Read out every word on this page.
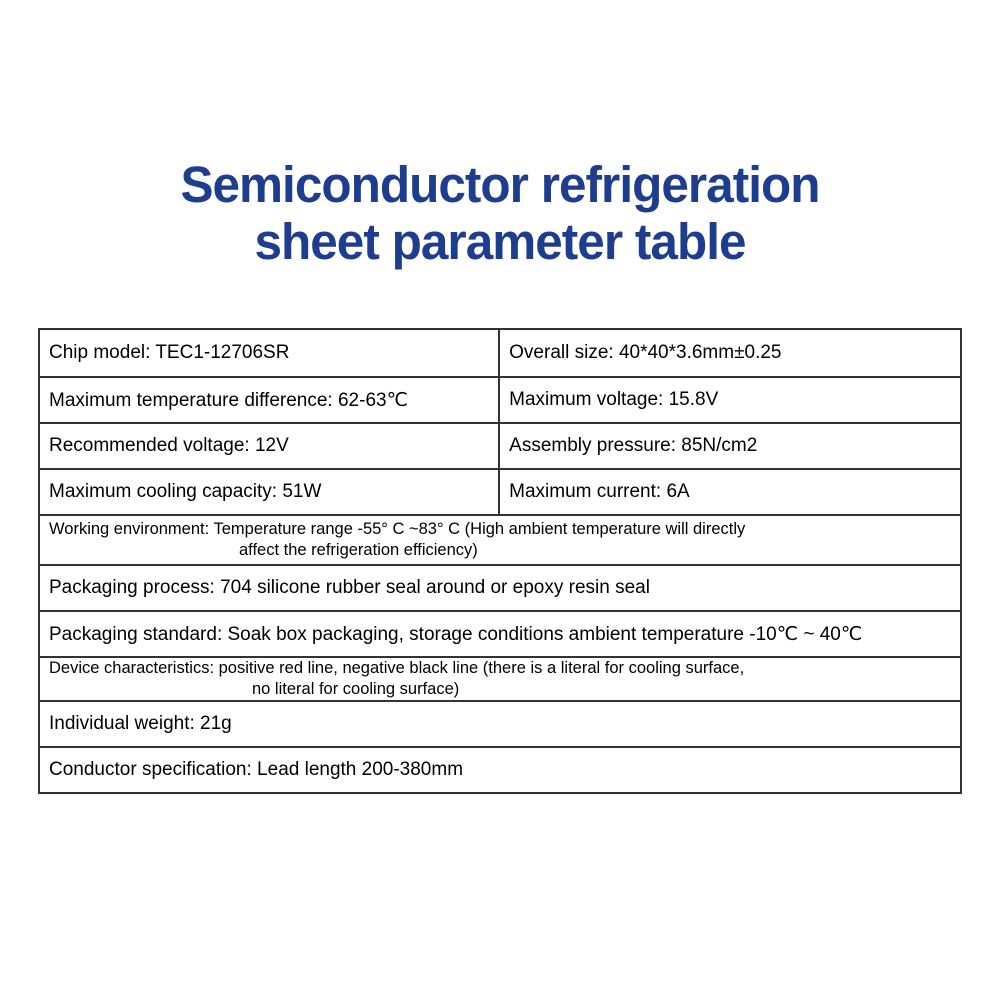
Semiconductor refrigeration
sheet parameter table
Chip model: TEC1-12706SR	Overall size: 40*40*3.6mm±0.25
Maximum temperature difference: 62-63℃	Maximum voltage: 15.8V
Recommended voltage: 12V	Assembly pressure: 85N/cm2
Maximum cooling capacity: 51W	Maximum current: 6A
Working environment: Temperature range -55° C ~83° C (High ambient temperature will directly
affect the refrigeration efficiency)
Packaging process: 704 silicone rubber seal around or epoxy resin seal
Packaging standard: Soak box packaging, storage conditions ambient temperature -10℃ ~ 40℃
Device characteristics: positive red line, negative black line (there is a literal for cooling surface,
no literal for cooling surface)
Individual weight: 21g
Conductor specification: Lead length 200-380mm
